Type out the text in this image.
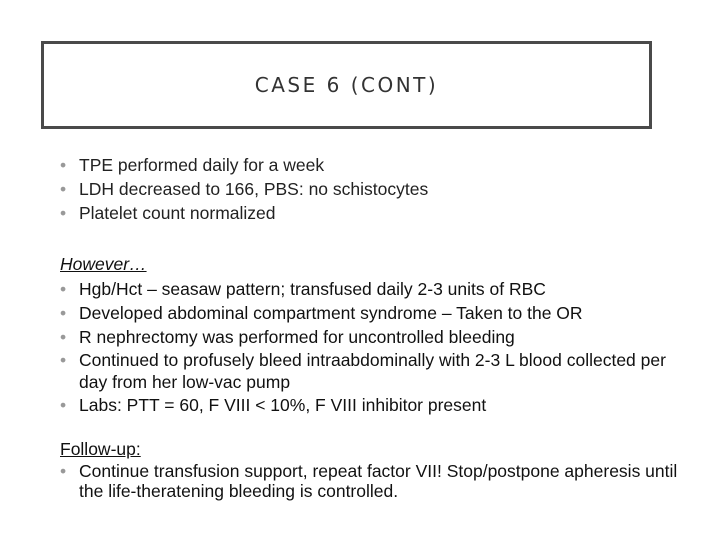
CASE 6 (CONT)
• TPE performed daily for a week
• LDH decreased to 166, PBS: no schistocytes
• Platelet count normalized
However…
• Hgb/Hct – seasaw pattern; transfused daily 2-3 units of RBC
• Developed abdominal compartment syndrome – Taken to the OR
• R nephrectomy was performed for uncontrolled bleeding
• Continued to profusely bleed intraabdominally with 2-3 L blood collected per day from her low-vac pump
• Labs: PTT = 60, F VIII < 10%, F VIII inhibitor present
Follow-up:
• Continue transfusion support, repeat factor VII! Stop/postpone apheresis until the life-theratening bleeding is controlled.
